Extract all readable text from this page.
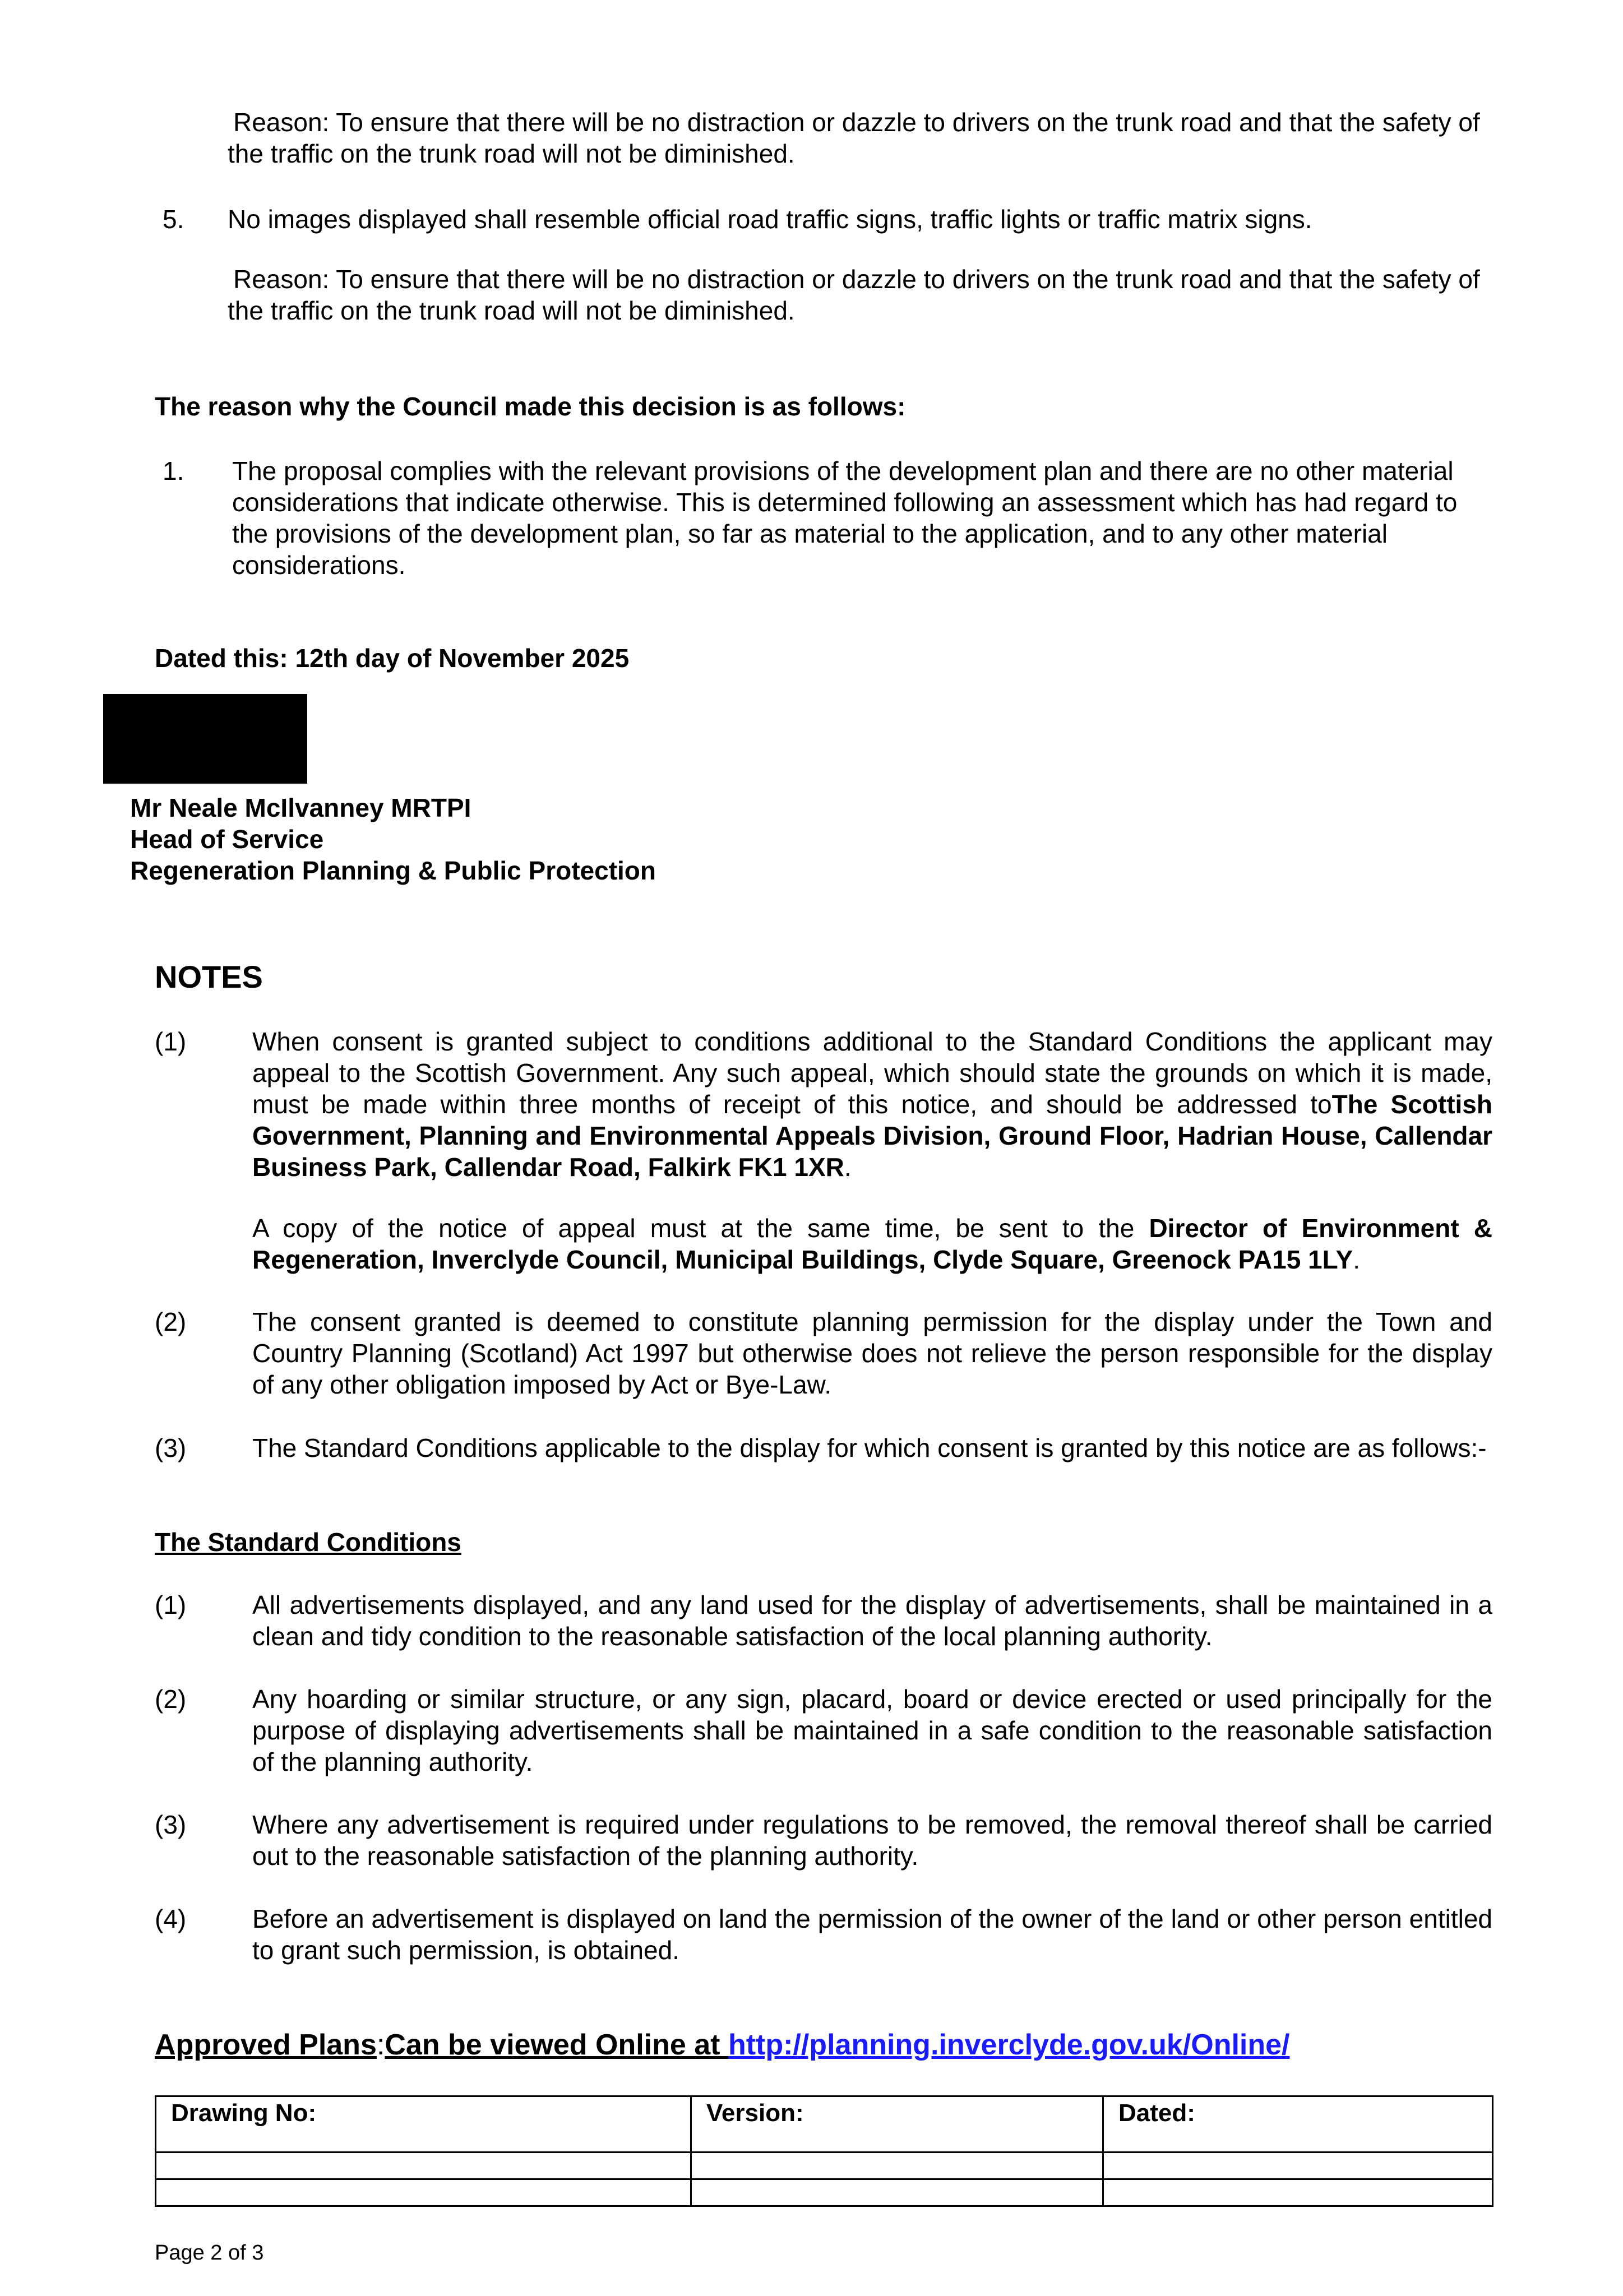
Reason: To ensure that there will be no distraction or dazzle to drivers on the trunk road and that the safety of the traffic on the trunk road will not be diminished.

5. No images displayed shall resemble official road traffic signs, traffic lights or traffic matrix signs.

Reason: To ensure that there will be no distraction or dazzle to drivers on the trunk road and that the safety of the traffic on the trunk road will not be diminished.

The reason why the Council made this decision is as follows:

1. The proposal complies with the relevant provisions of the development plan and there are no other material considerations that indicate otherwise. This is determined following an assessment which has had regard to the provisions of the development plan, so far as material to the application, and to any other material considerations.

Dated this: 12th day of November 2025

Mr Neale McIlvanney MRTPI

Head of Service

Regeneration Planning & Public Protection

NOTES
(1)	When consent is granted subject to conditions additional to the Standard Conditions the applicant may appeal to the Scottish Government. Any such appeal, which should state the grounds on which it is made, must be made within three months of receipt of this notice, and should be addressed toThe Scottish Government, Planning and Environmental Appeals Division, Ground Floor, Hadrian House, Callendar Business Park, Callendar Road, Falkirk FK1 1XR.

A copy of the notice of appeal must at the same time, be sent to the Director of Environment & Regeneration, Inverclyde Council, Municipal Buildings, Clyde Square, Greenock PA15 1LY.

(2)	The consent granted is deemed to constitute planning permission for the display under the Town and Country Planning (Scotland) Act 1997 but otherwise does not relieve the person responsible for the display of any other obligation imposed by Act or Bye-Law.

(3)	The Standard Conditions applicable to the display for which consent is granted by this notice are as follows:-

The Standard Conditions

(1)	All advertisements displayed, and any land used for the display of advertisements, shall be maintained in a clean and tidy condition to the reasonable satisfaction of the local planning authority.

(2)	Any hoarding or similar structure, or any sign, placard, board or device erected or used principally for the purpose of displaying advertisements shall be maintained in a safe condition to the reasonable satisfaction of the planning authority.

(3)	Where any advertisement is required under regulations to be removed, the removal thereof shall be carried out to the reasonable satisfaction of the planning authority.

(4)	Before an advertisement is displayed on land the permission of the owner of the land or other person entitled to grant such permission, is obtained.

Approved Plans:Can be viewed Online at http://planning.inverclyde.gov.uk/Online/

Drawing No:	Version:	Dated:

Page 2 of 3
